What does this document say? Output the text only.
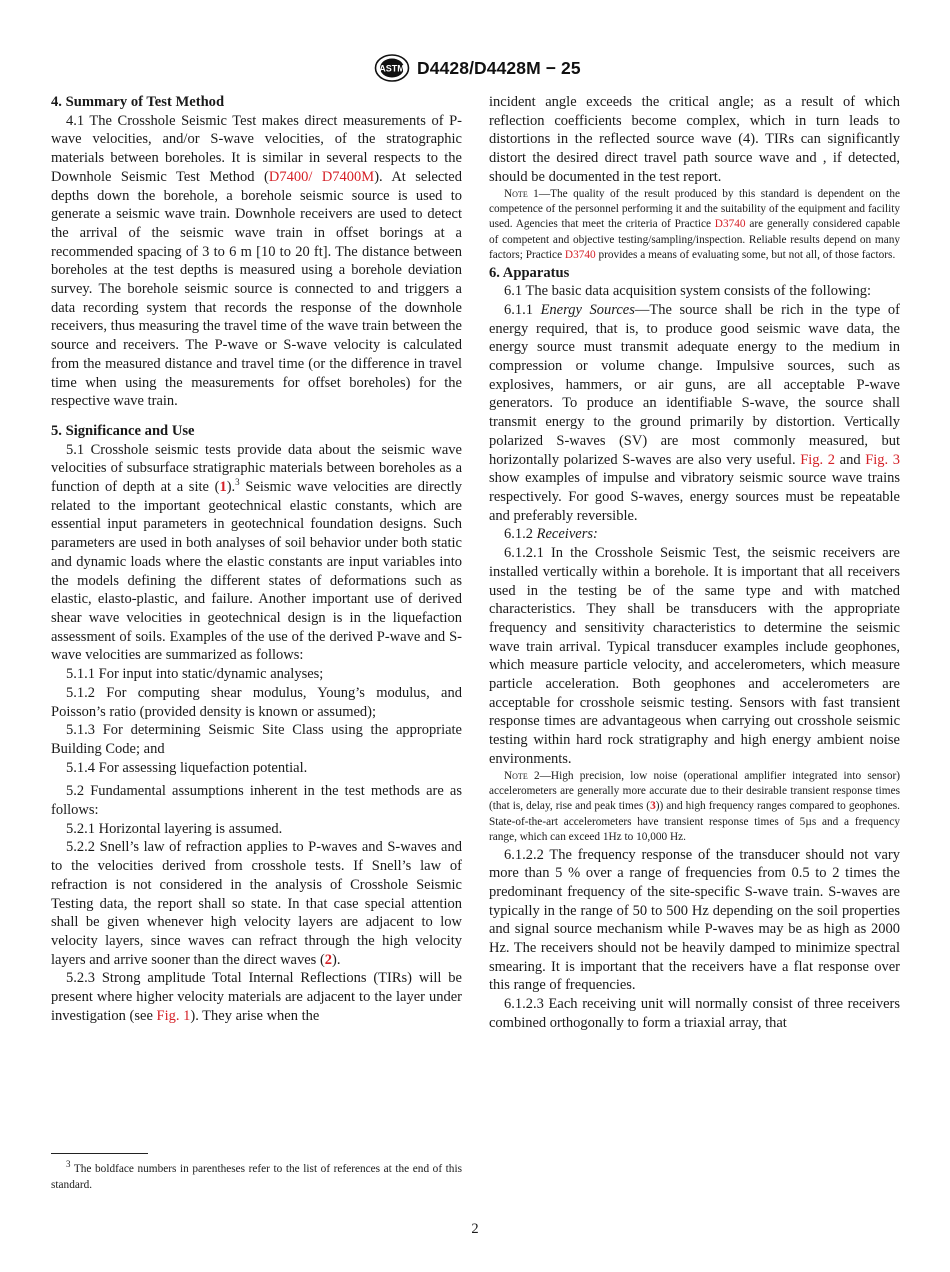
ASTM D4428/D4428M − 25

4. Summary of Test Method

4.1 The Crosshole Seismic Test makes direct measurements of P-wave velocities, and/or S-wave velocities, of the stratographic materials between boreholes. It is similar in several respects to the Downhole Seismic Test Method (D7400/ D7400M). At selected depths down the borehole, a borehole seismic source is used to generate a seismic wave train. Downhole receivers are used to detect the arrival of the seismic wave train in offset borings at a recommended spacing of 3 to 6 m [10 to 20 ft]. The distance between boreholes at the test depths is measured using a borehole deviation survey. The borehole seismic source is connected to and triggers a data recording system that records the response of the downhole receivers, thus measuring the travel time of the wave train between the source and receivers. The P-wave or S-wave velocity is calculated from the measured distance and travel time (or the difference in travel time when using the measurements for offset boreholes) for the respective wave train.

5. Significance and Use

5.1 Crosshole seismic tests provide data about the seismic wave velocities of subsurface stratigraphic materials between boreholes as a function of depth at a site (1).$^3$ Seismic wave velocities are directly related to the important geotechnical elastic constants, which are essential input parameters in geotechnical foundation designs. Such parameters are used in both analyses of soil behavior under both static and dynamic loads where the elastic constants are input variables into the models defining the different states of deformations such as elastic, elasto-plastic, and failure. Another important use of derived shear wave velocities in geotechnical design is in the liquefaction assessment of soils. Examples of the use of the derived P-wave and S-wave velocities are summarized as follows:

5.1.1 For input into static/dynamic analyses;

5.1.2 For computing shear modulus, Young’s modulus, and Poisson’s ratio (provided density is known or assumed);

5.1.3 For determining Seismic Site Class using the appropriate Building Code; and

5.1.4 For assessing liquefaction potential.

5.2 Fundamental assumptions inherent in the test methods are as follows:

5.2.1 Horizontal layering is assumed.

5.2.2 Snell’s law of refraction applies to P-waves and S-waves and to the velocities derived from crosshole tests. If Snell’s law of refraction is not considered in the analysis of Crosshole Seismic Testing data, the report shall so state. In that case special attention shall be given whenever high velocity layers are adjacent to low velocity layers, since waves can refract through the high velocity layers and arrive sooner than the direct waves (2).

5.2.3 Strong amplitude Total Internal Reflections (TIRs) will be present where higher velocity materials are adjacent to the layer under investigation (see Fig. 1). They arise when the

incident angle exceeds the critical angle; as a result of which reflection coefficients become complex, which in turn leads to distortions in the reflected source wave (4). TIRs can significantly distort the desired direct travel path source wave and , if detected, should be documented in the test report.

Note 1—The quality of the result produced by this standard is dependent on the competence of the personnel performing it and the suitability of the equipment and facility used. Agencies that meet the criteria of Practice D3740 are generally considered capable of competent and objective testing/sampling/inspection. Reliable results depend on many factors; Practice D3740 provides a means of evaluating some, but not all, of those factors.

6. Apparatus

6.1 The basic data acquisition system consists of the following:

6.1.1 Energy Sources—The source shall be rich in the type of energy required, that is, to produce good seismic wave data, the energy source must transmit adequate energy to the medium in compression or volume change. Impulsive sources, such as explosives, hammers, or air guns, are all acceptable P-wave generators. To produce an identifiable S-wave, the source shall transmit energy to the ground primarily by distortion. Vertically polarized S-waves (SV) are most commonly measured, but horizontally polarized S-waves are also very useful. Fig. 2 and Fig. 3 show examples of impulse and vibratory seismic source wave trains respectively. For good S-waves, energy sources must be repeatable and preferably reversible.

6.1.2 Receivers:

6.1.2.1 In the Crosshole Seismic Test, the seismic receivers are installed vertically within a borehole. It is important that all receivers used in the testing be of the same type and with matched characteristics. They shall be transducers with the appropriate frequency and sensitivity characteristics to determine the seismic wave train arrival. Typical transducer examples include geophones, which measure particle velocity, and accelerometers, which measure particle acceleration. Both geophones and accelerometers are acceptable for crosshole seismic testing. Sensors with fast transient response times are advantageous when carrying out crosshole seismic testing within hard rock stratigraphy and high energy ambient noise environments.

Note 2—High precision, low noise (operational amplifier integrated into sensor) accelerometers are generally more accurate due to their desirable transient response times (that is, delay, rise and peak times (3)) and high frequency ranges compared to geophones. State-of-the-art accelerometers have transient response times of 5µs and a frequency range, which can exceed 1Hz to 10,000 Hz.

6.1.2.2 The frequency response of the transducer should not vary more than 5 % over a range of frequencies from 0.5 to 2 times the predominant frequency of the site-specific S-wave train. S-waves are typically in the range of 50 to 500 Hz depending on the soil properties and signal source mechanism while P-waves may be as high as 2000 Hz. The receivers should not be heavily damped to minimize spectral smearing. It is important that the receivers have a flat response over this range of frequencies.

6.1.2.3 Each receiving unit will normally consist of three receivers combined orthogonally to form a triaxial array, that

$^3$ The boldface numbers in parentheses refer to the list of references at the end of this standard.

2
